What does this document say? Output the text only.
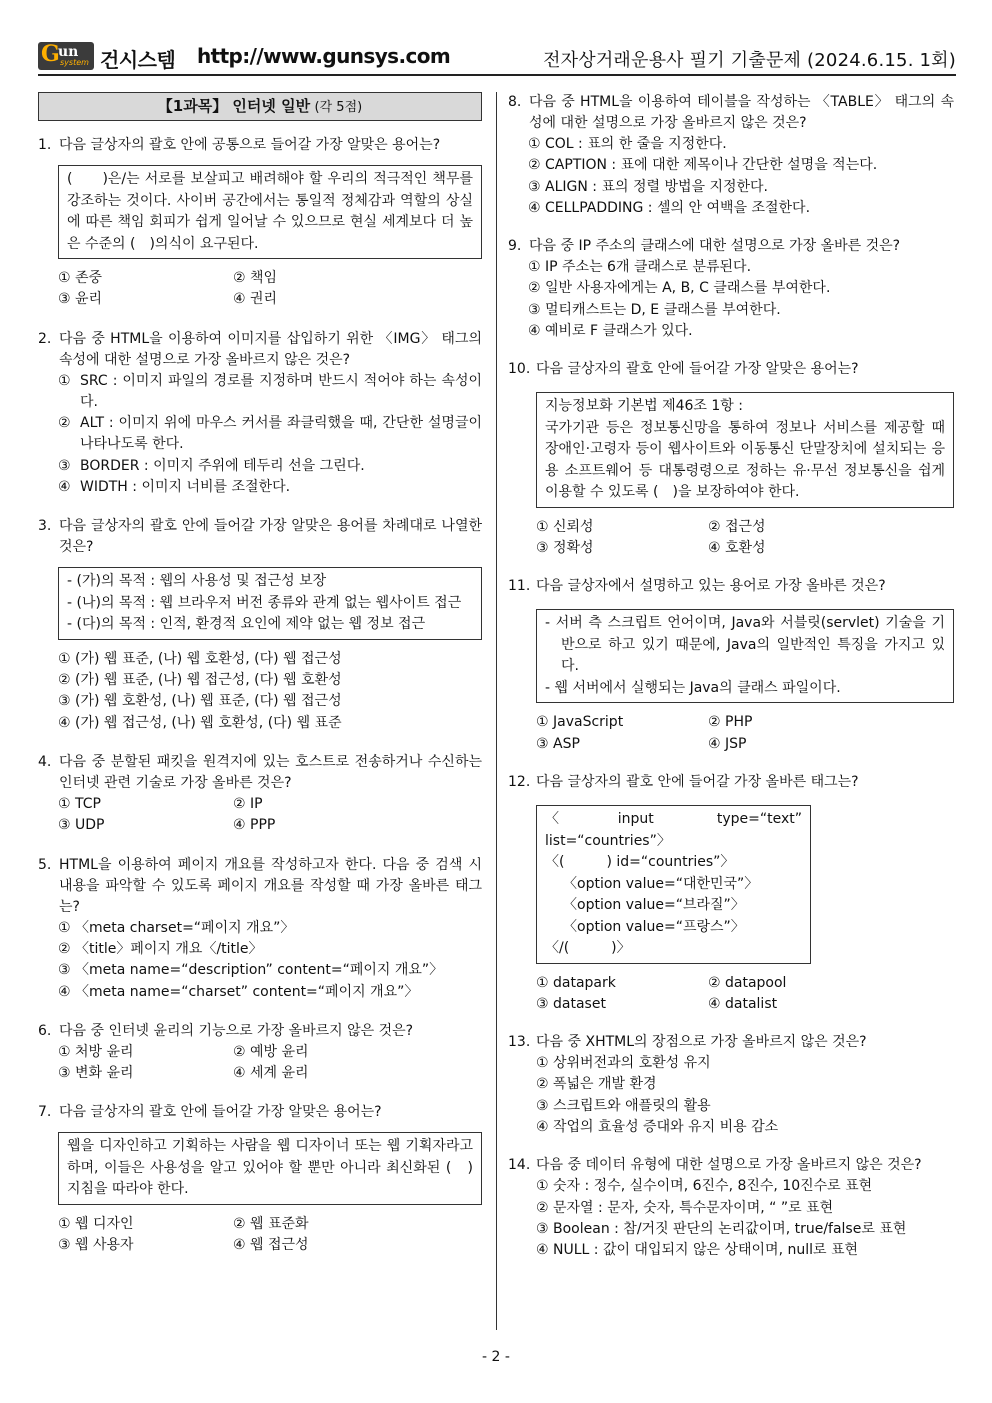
G
un
system 건시스템 http://www.gunsys.com	전자상거래운용사 필기 기출문제 (2024.6.15. 1회)
【1과목】 인터넷 일반 (각 5점)
1. 다음 글상자의 괄호 안에 공통으로 들어갈 가장 알맞은 용어는?
(　　)은/는 서로를 보살피고 배려해야 할 우리의 적극적인 책무를 강조하는 것이다. 사이버 공간에서는 통일적 정체감과 역할의 상실에 따른 책임 회피가 쉽게 일어날 수 있으므로 현실 세계보다 더 높은 수준의 (　)의식이 요구된다.
① 존중	② 책임
③ 윤리	④ 권리
2. 다음 중 HTML을 이용하여 이미지를 삽입하기 위한 〈IMG〉 태그의 속성에 대한 설명으로 가장 올바르지 않은 것은?
① SRC : 이미지 파일의 경로를 지정하며 반드시 적어야 하는 속성이다.
② ALT : 이미지 위에 마우스 커서를 좌클릭했을 때, 간단한 설명글이 나타나도록 한다.
③ BORDER : 이미지 주위에 테두리 선을 그린다.
④ WIDTH : 이미지 너비를 조절한다.
3. 다음 글상자의 괄호 안에 들어갈 가장 알맞은 용어를 차례대로 나열한 것은?
- (가)의 목적 : 웹의 사용성 및 접근성 보장
- (나)의 목적 : 웹 브라우저 버전 종류와 관계 없는 웹사이트 접근
- (다)의 목적 : 인적, 환경적 요인에 제약 없는 웹 정보 접근
① (가) 웹 표준, (나) 웹 호환성, (다) 웹 접근성
② (가) 웹 표준, (나) 웹 접근성, (다) 웹 호환성
③ (가) 웹 호환성, (나) 웹 표준, (다) 웹 접근성
④ (가) 웹 접근성, (나) 웹 호환성, (다) 웹 표준
4. 다음 중 분할된 패킷을 원격지에 있는 호스트로 전송하거나 수신하는 인터넷 관련 기술로 가장 올바른 것은?
① TCP	② IP
③ UDP	④ PPP
5. HTML을 이용하여 페이지 개요를 작성하고자 한다. 다음 중 검색 시 내용을 파악할 수 있도록 페이지 개요를 작성할 때 가장 올바른 태그는?
① 〈meta charset=“페이지 개요”〉
② 〈title〉페이지 개요〈/title〉
③ 〈meta name=“description” content=“페이지 개요”〉
④ 〈meta name=“charset” content=“페이지 개요”〉
6. 다음 중 인터넷 윤리의 기능으로 가장 올바르지 않은 것은?
① 처방 윤리	② 예방 윤리
③ 변화 윤리	④ 세계 윤리
7. 다음 글상자의 괄호 안에 들어갈 가장 알맞은 용어는?
웹을 디자인하고 기획하는 사람을 웹 디자이너 또는 웹 기획자라고 하며, 이들은 사용성을 알고 있어야 할 뿐만 아니라 최신화된 (　) 지침을 따라야 한다.
① 웹 디자인	② 웹 표준화
③ 웹 사용자	④ 웹 접근성
8. 다음 중 HTML을 이용하여 테이블을 작성하는 〈TABLE〉 태그의 속성에 대한 설명으로 가장 올바르지 않은 것은?
① COL : 표의 한 줄을 지정한다.
② CAPTION : 표에 대한 제목이나 간단한 설명을 적는다.
③ ALIGN : 표의 정렬 방법을 지정한다.
④ CELLPADDING : 셀의 안 여백을 조절한다.
9. 다음 중 IP 주소의 클래스에 대한 설명으로 가장 올바른 것은?
① IP 주소는 6개 클래스로 분류된다.
② 일반 사용자에게는 A, B, C 클래스를 부여한다.
③ 멀티캐스트는 D, E 클래스를 부여한다.
④ 예비로 F 클래스가 있다.
10. 다음 글상자의 괄호 안에 들어갈 가장 알맞은 용어는?
지능정보화 기본법 제46조 1항 :
국가기관 등은 정보통신망을 통하여 정보나 서비스를 제공할 때 장애인·고령자 등이 웹사이트와 이동통신 단말장치에 설치되는 응용 소프트웨어 등 대통령령으로 정하는 유·무선 정보통신을 쉽게 이용할 수 있도록 (　)을 보장하여야 한다.
① 신뢰성	② 접근성
③ 정확성	④ 호환성
11. 다음 글상자에서 설명하고 있는 용어로 가장 올바른 것은?
- 서버 측 스크립트 언어이며, Java와 서블릿(servlet) 기술을 기반으로 하고 있기 때문에, Java의 일반적인 특징을 가지고 있다.
- 웹 서버에서 실행되는 Java의 클래스 파일이다.
① JavaScript	② PHP
③ ASP	④ JSP
12. 다음 글상자의 괄호 안에 들어갈 가장 올바른 태그는?
〈input type=“text” list=“countries”〉
〈(　　　) id=“countries”〉
〈option value=“대한민국”〉
〈option value=“브라질”〉
〈option value=“프랑스”〉
〈/(　　　)〉
① datapark	② datapool
③ dataset	④ datalist
13. 다음 중 XHTML의 장점으로 가장 올바르지 않은 것은?
① 상위버전과의 호환성 유지
② 폭넓은 개발 환경
③ 스크립트와 애플릿의 활용
④ 작업의 효율성 증대와 유지 비용 감소
14. 다음 중 데이터 유형에 대한 설명으로 가장 올바르지 않은 것은?
① 숫자 : 정수, 실수이며, 6진수, 8진수, 10진수로 표현
② 문자열 : 문자, 숫자, 특수문자이며, “ ”로 표현
③ Boolean : 참/거짓 판단의 논리값이며, true/false로 표현
④ NULL : 값이 대입되지 않은 상태이며, null로 표현
- 2 -
